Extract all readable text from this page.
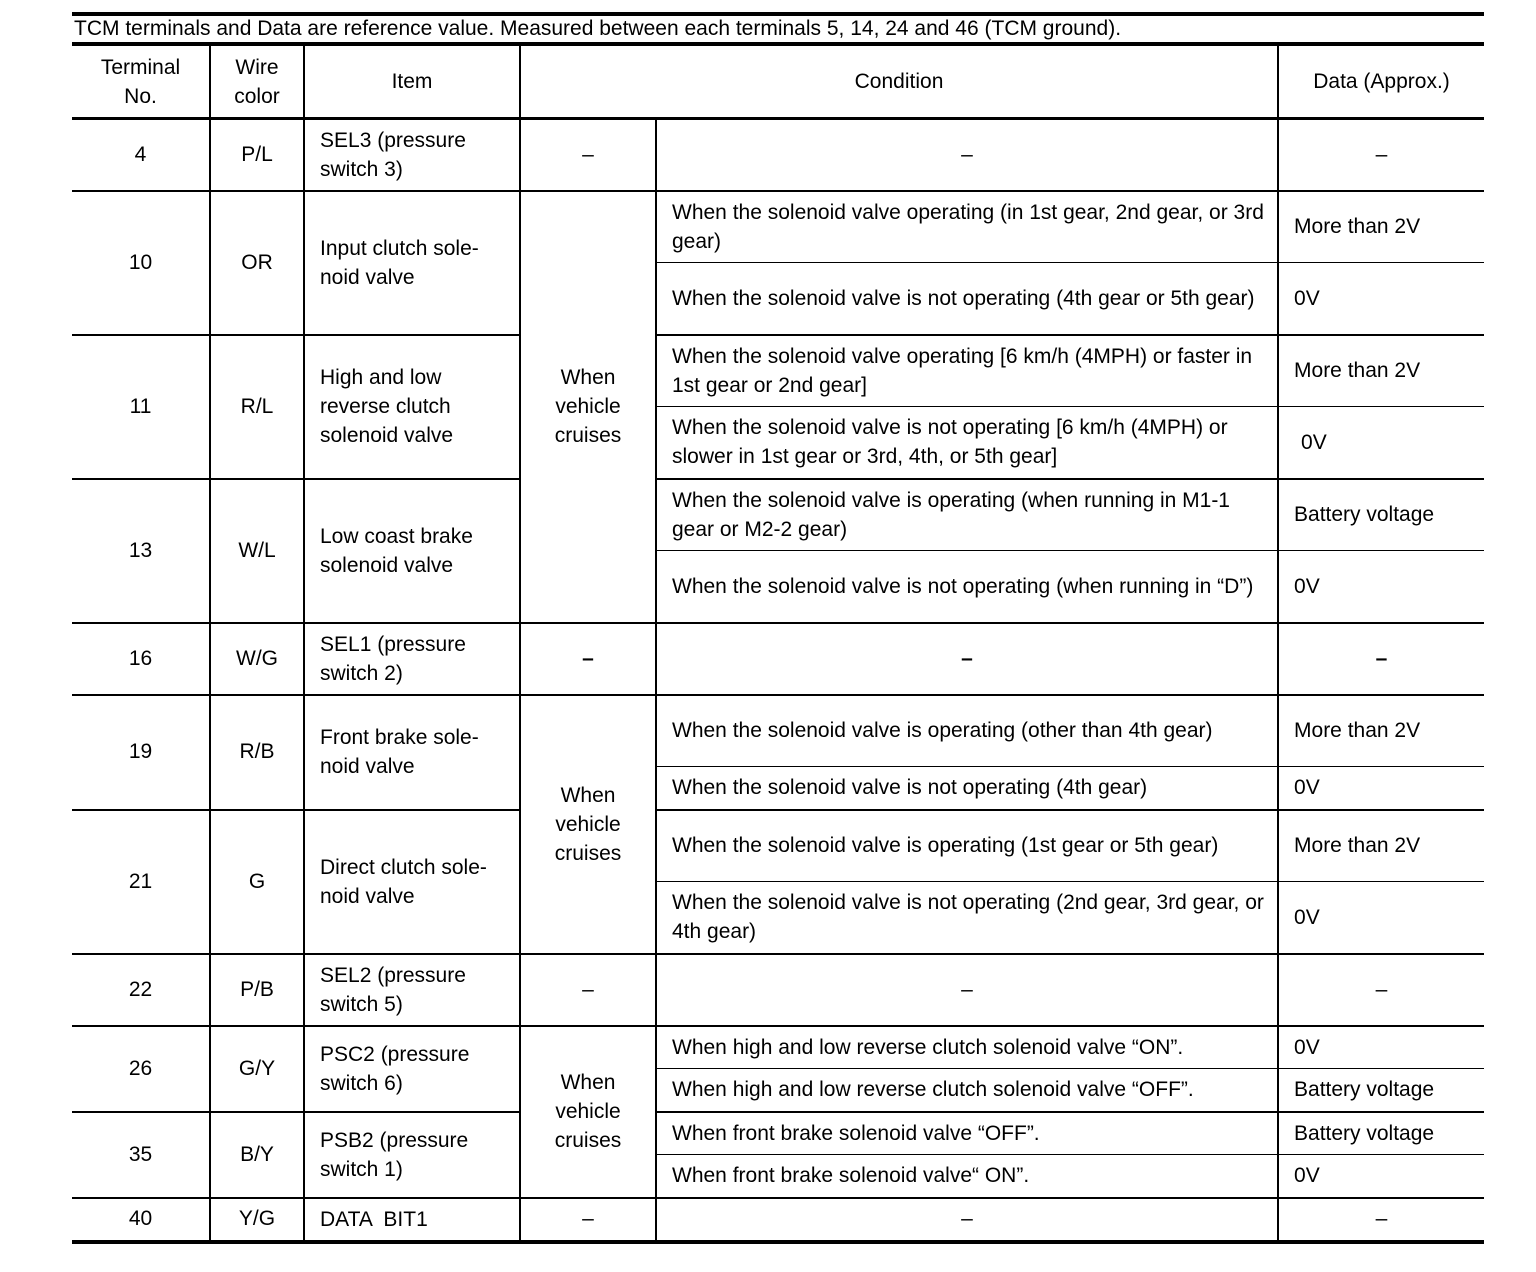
TCM terminals and Data are reference value. Measured between each terminals 5, 14, 24 and 46 (TCM ground).
Terminal No.	Wire color	Item	Condition		Data (Approx.)
4	P/L	SEL3 (pressure switch 3)	–	–	–
10	OR	Input clutch sole-noid valve	When vehicle cruises	When the solenoid valve operating (in 1st gear, 2nd gear, or 3rd gear)	More than 2V
				When the solenoid valve is not operating (4th gear or 5th gear)	0V
11	R/L	High and low reverse clutch solenoid valve		When the solenoid valve operating [6 km/h (4MPH) or faster in 1st gear or 2nd gear]	More than 2V
				When the solenoid valve is not operating [6 km/h (4MPH) or slower in 1st gear or 3rd, 4th, or 5th gear]	0V
13	W/L	Low coast brake solenoid valve		When the solenoid valve is operating (when running in M1-1 gear or M2-2 gear)	Battery voltage
				When the solenoid valve is not operating (when running in “D”)	0V
16	W/G	SEL1 (pressure switch 2)	–	–	–
19	R/B	Front brake sole-noid valve	When vehicle cruises	When the solenoid valve is operating (other than 4th gear)	More than 2V
				When the solenoid valve is not operating (4th gear)	0V
21	G	Direct clutch sole-noid valve		When the solenoid valve is operating (1st gear or 5th gear)	More than 2V
				When the solenoid valve is not operating (2nd gear, 3rd gear, or 4th gear)	0V
22	P/B	SEL2 (pressure switch 5)	–	–	–
26	G/Y	PSC2 (pressure switch 6)	When vehicle cruises	When high and low reverse clutch solenoid valve “ON”.	0V
				When high and low reverse clutch solenoid valve “OFF”.	Battery voltage
35	B/Y	PSB2 (pressure switch 1)		When front brake solenoid valve “OFF”.	Battery voltage
				When front brake solenoid valve“ ON”.	0V
40	Y/G	DATA  BIT1	–	–	–
